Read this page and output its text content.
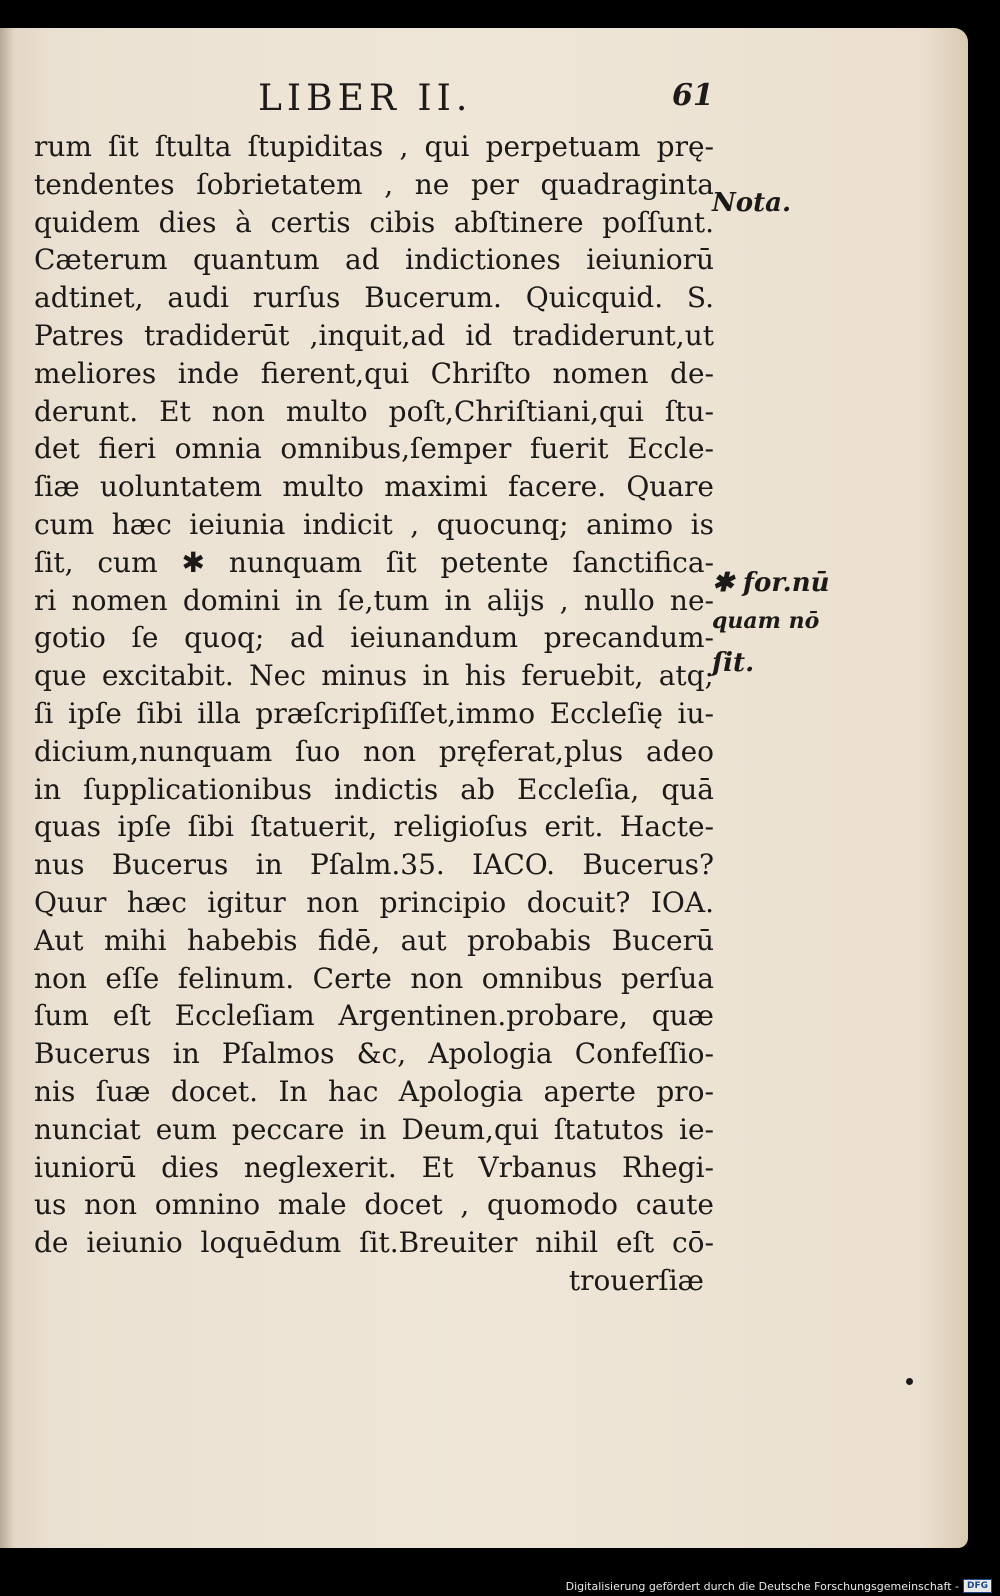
LIBER II.	61
rum ſit ſtulta ſtupiditas , qui perpetuam prę-
tendentes ſobrietatem , ne per quadraginta
quidem dies à certis cibis abſtinere poſſunt.
Cæterum quantum ad indictiones ieiuniorū
adtinet, audi rurſus Bucerum. Quicquid. S.
Patres tradiderūt ,inquit,ad id tradiderunt,ut
meliores inde fierent,qui Chriſto nomen de-
derunt. Et non multo poſt,Chriſtiani,qui ſtu-
det fieri omnia omnibus,ſemper fuerit Eccle-
ſiæ uoluntatem multo maximi facere. Quare
cum hæc ieiunia indicit , quocunq; animo is
ſit, cum ✱ nunquam ſit petente ſanctifica-
ri nomen domini in ſe,tum in alijs , nullo ne-
gotio ſe quoq; ad ieiunandum precandum-
que excitabit. Nec minus in his feruebit, atq;
ſi ipſe ſibi illa præſcripſiſſet,immo Eccleſię iu-
dicium,nunquam ſuo non pręferat,plus adeo
in ſupplicationibus indictis ab Eccleſia, quā
quas ipſe ſibi ſtatuerit, religioſus erit. Hacte-
nus Bucerus in Pſalm.35. IACO. Bucerus?
Quur hæc igitur non principio docuit? IOA.
Aut mihi habebis fidē, aut probabis Bucerū
non eſſe felinum. Certe non omnibus perſua
ſum eſt Eccleſiam Argentinen.probare, quæ
Bucerus in Pſalmos &c, Apologia Confeſſio-
nis ſuæ docet. In hac Apologia aperte pro-
nunciat eum peccare in Deum,qui ſtatutos ie-
iuniorū dies neglexerit. Et Vrbanus Rhegi-
us non omnino male docet , quomodo caute
de ieiunio loquēdum ſit.Breuiter nihil eſt cō-
trouerſiæ
Nota.
✱ for.nū
quam nō
ſit.
Digitalisierung gefördert durch die Deutsche Forschungsgemeinschaft - DFG
